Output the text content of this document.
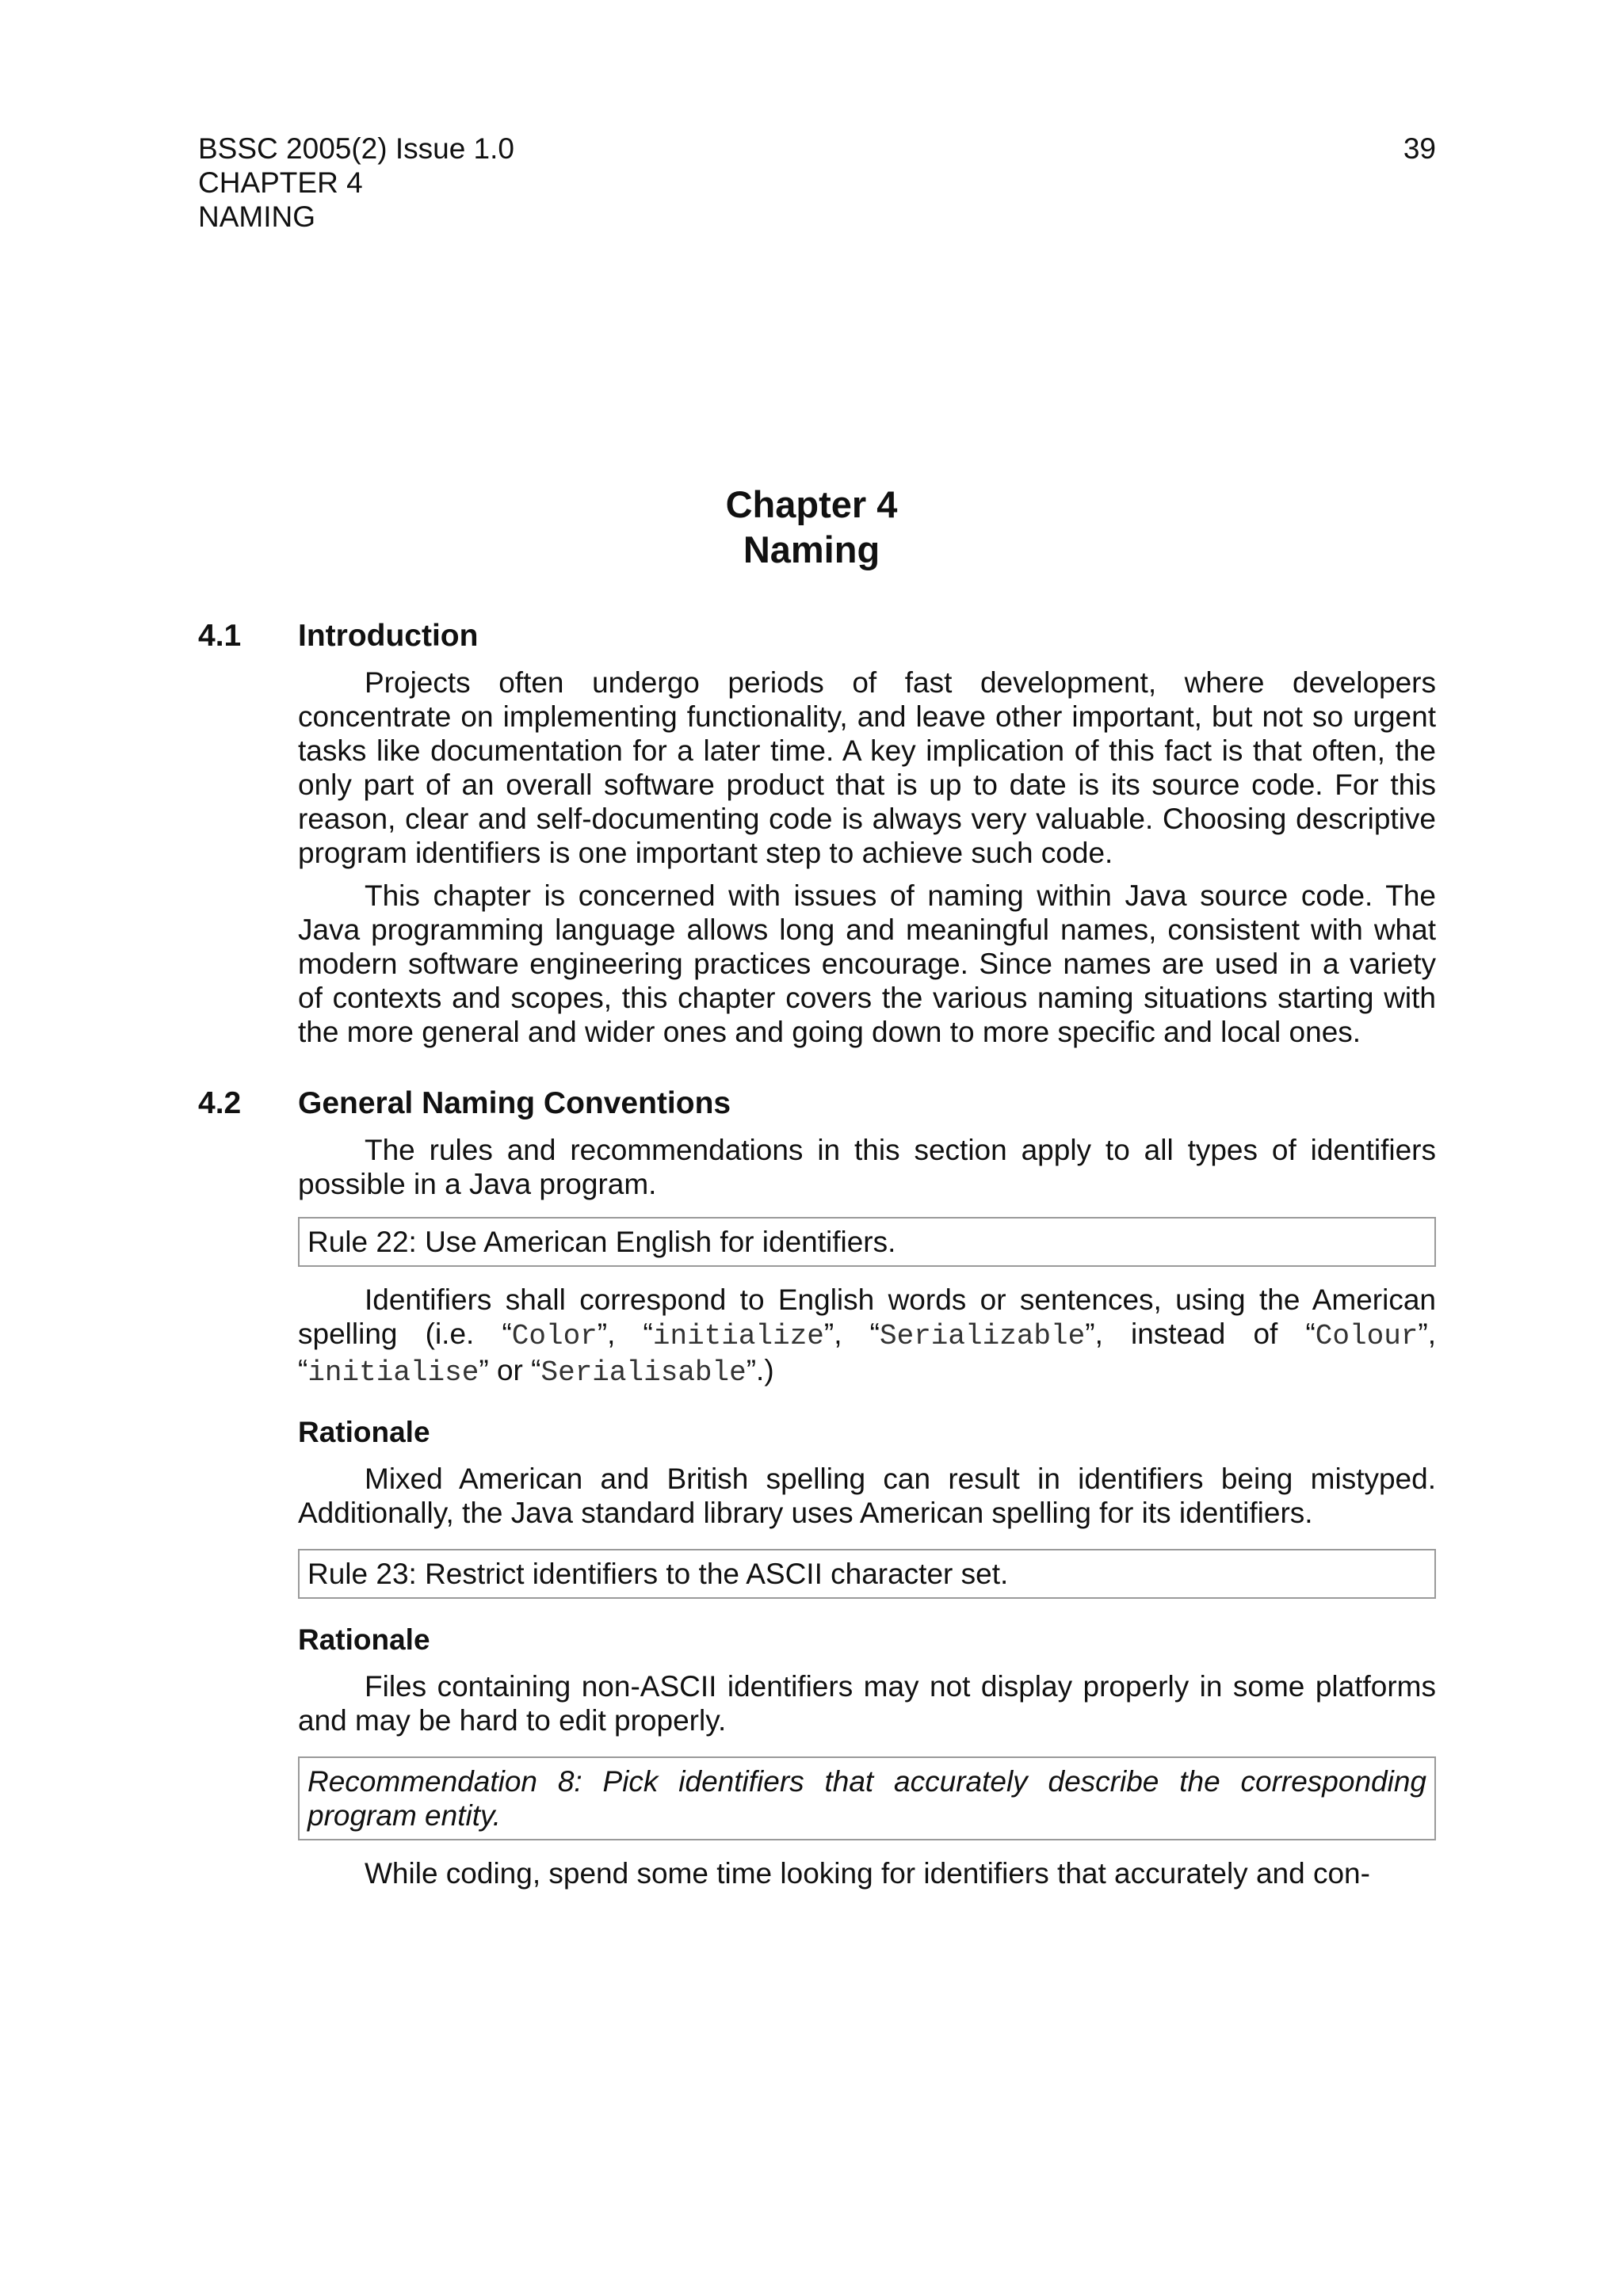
BSSC 2005(2) Issue 1.0
CHAPTER 4
NAMING
39
Chapter 4
Naming
4.1	Introduction

Projects often undergo periods of fast development, where developers concentrate on implementing functionality, and leave other important, but not so urgent tasks like documentation for a later time. A key implication of this fact is that often, the only part of an overall software product that is up to date is its source code. For this reason, clear and self-documenting code is always very valuable. Choosing descriptive program identifiers is one important step to achieve such code.

This chapter is concerned with issues of naming within Java source code. The Java programming language allows long and meaningful names, consistent with what modern software engineering practices encourage. Since names are used in a variety of contexts and scopes, this chapter covers the various naming situations starting with the more general and wider ones and going down to more specific and local ones.

4.2	General Naming Conventions

The rules and recommendations in this section apply to all types of identifiers possible in a Java program.

Rule 22: Use American English for identifiers.

Identifiers shall correspond to English words or sentences, using the American spelling (i.e. “Color”, “initialize”, “Serializable”, instead of “Colour”, “initialise” or “Serialisable”.)

Rationale

Mixed American and British spelling can result in identifiers being mistyped. Additionally, the Java standard library uses American spelling for its identifiers.

Rule 23: Restrict identifiers to the ASCII character set.
Rationale

Files containing non-ASCII identifiers may not display properly in some platforms and may be hard to edit properly.

Recommendation 8: Pick identifiers that accurately describe the corresponding program entity.

While coding, spend some time looking for identifiers that accurately and con-
